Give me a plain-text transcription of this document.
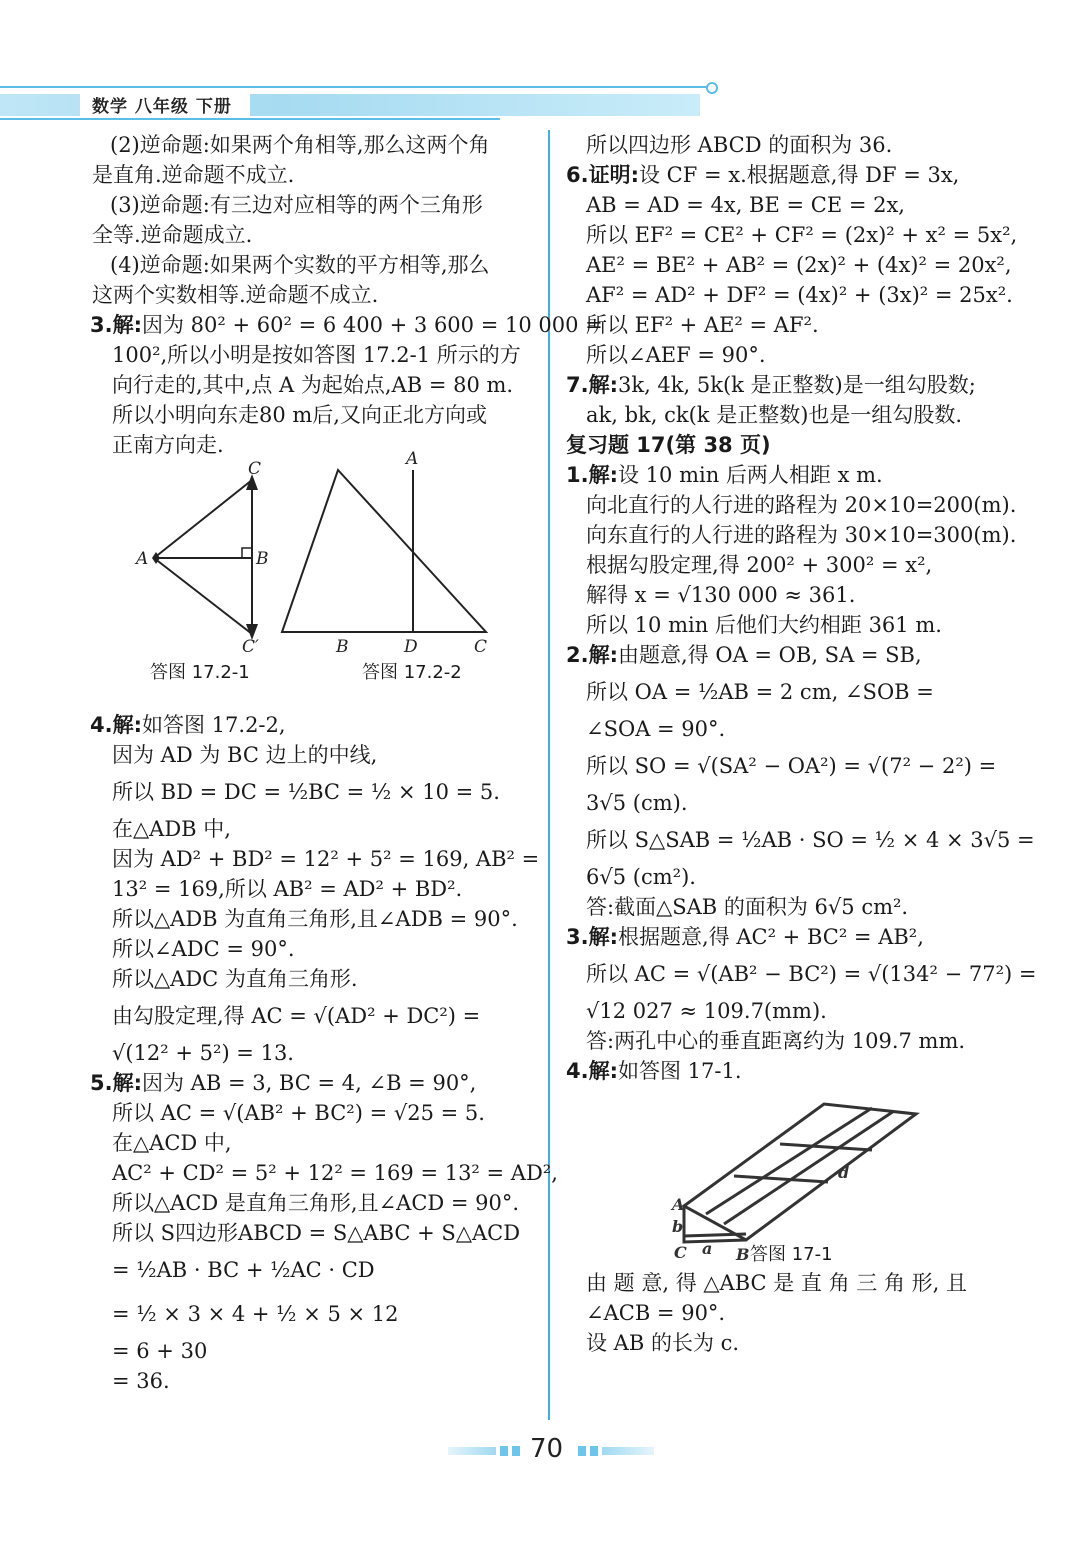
数学 八年级 下册
(2)逆命题:如果两个角相等,那么这两个角
是直角.逆命题不成立.
(3)逆命题:有三边对应相等的两个三角形
全等.逆命题成立.
(4)逆命题:如果两个实数的平方相等,那么
这两个实数相等.逆命题不成立.
3.解:因为 80² + 60² = 6 400 + 3 600 = 10 000 =
100²,所以小明是按如答图 17.2-1 所示的方
向行走的,其中,点 A 为起始点,AB = 80 m.
所以小明向东走80 m后,又向正北方向或
正南方向走.
A	B
C
C′
A
B	D	C
答图 17.2-1	答图 17.2-2
4.解:如答图 17.2-2,
因为 AD 为 BC 边上的中线,
所以 BD = DC = ½BC = ½ × 10 = 5.
在△ADB 中,
因为 AD² + BD² = 12² + 5² = 169, AB² =
13² = 169,所以 AB² = AD² + BD².
所以△ADB 为直角三角形,且∠ADB = 90°.
所以∠ADC = 90°.
所以△ADC 为直角三角形.
由勾股定理,得 AC = √(AD² + DC²) =
√(12² + 5²) = 13.
5.解:因为 AB = 3, BC = 4, ∠B = 90°,
所以 AC = √(AB² + BC²) = √25 = 5.
在△ACD 中,
AC² + CD² = 5² + 12² = 169 = 13² = AD²,
所以△ACD 是直角三角形,且∠ACD = 90°.
所以 S四边形ABCD = S△ABC + S△ACD
= ½AB · BC + ½AC · CD
= ½ × 3 × 4 + ½ × 5 × 12
= 6 + 30
= 36.
所以四边形 ABCD 的面积为 36.
6.证明:设 CF = x.根据题意,得 DF = 3x,
AB = AD = 4x, BE = CE = 2x,
所以 EF² = CE² + CF² = (2x)² + x² = 5x²,
AE² = BE² + AB² = (2x)² + (4x)² = 20x²,
AF² = AD² + DF² = (4x)² + (3x)² = 25x².
所以 EF² + AE² = AF².
所以∠AEF = 90°.
7.解:3k, 4k, 5k(k 是正整数)是一组勾股数;
ak, bk, ck(k 是正整数)也是一组勾股数.
复习题 17(第 38 页)
1.解:设 10 min 后两人相距 x m.
向北直行的人行进的路程为 20×10=200(m).
向东直行的人行进的路程为 30×10=300(m).
根据勾股定理,得 200² + 300² = x²,
解得 x = √130 000 ≈ 361.
所以 10 min 后他们大约相距 361 m.
2.解:由题意,得 OA = OB, SA = SB,
所以 OA = ½AB = 2 cm, ∠SOB =
∠SOA = 90°.
所以 SO = √(SA² − OA²) = √(7² − 2²) =
3√5 (cm).
所以 S△SAB = ½AB · SO = ½ × 4 × 3√5 =
6√5 (cm²).
答:截面△SAB 的面积为 6√5 cm².
3.解:根据题意,得 AC² + BC² = AB²,
所以 AC = √(AB² − BC²) = √(134² − 77²) =
√12 027 ≈ 109.7(mm).
答:两孔中心的垂直距离约为 109.7 mm.
4.解:如答图 17-1.
A
b
C a B
d
答图 17-1
由 题 意, 得 △ABC 是 直 角 三 角 形, 且
∠ACB = 90°.
设 AB 的长为 c.
70
